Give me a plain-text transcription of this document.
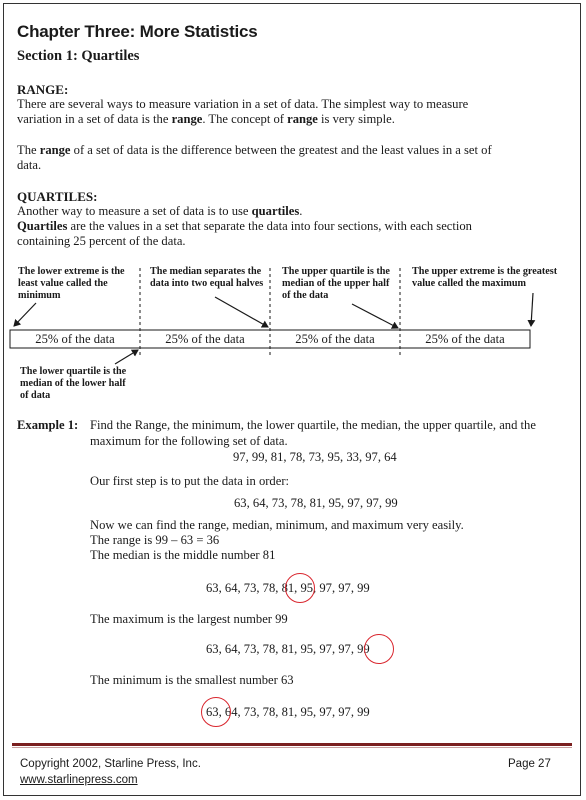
Chapter Three: More Statistics
Section 1: Quartiles
RANGE:
There are several ways to measure variation in a set of data. The simplest way to measure
variation in a set of data is the range. The concept of range is very simple.
The range of a set of data is the difference between the greatest and the least values in a set of
data.
QUARTILES:
Another way to measure a set of data is to use quartiles.
Quartiles are the values in a set that separate the data into four sections, with each section
containing 25 percent of the data.
The lower extreme is the least value called the minimum
The median separates the data into two equal halves
The upper quartile is the median of the upper half of the data
The upper extreme is the greatest value called the maximum
The lower quartile is the median of the lower half of data
25% of the data	25% of the data	25% of the data	25% of the data
Example 1: Find the Range, the minimum, the lower quartile, the median, the upper quartile, and the
maximum for the following set of data.
97, 99, 81, 78, 73, 95, 33, 97, 64
Our first step is to put the data in order:
63, 64, 73, 78, 81, 95, 97, 97, 99
Now we can find the range, median, minimum, and maximum very easily.
The range is 99 – 63 = 36
The median is the middle number 81
63, 64, 73, 78, 81, 95, 97, 97, 99
The maximum is the largest number 99
63, 64, 73, 78, 81, 95, 97, 97, 99
The minimum is the smallest number 63
63, 64, 73, 78, 81, 95, 97, 97, 99
Copyright 2002, Starline Press, Inc.
www.starlinepress.com
Page 27
